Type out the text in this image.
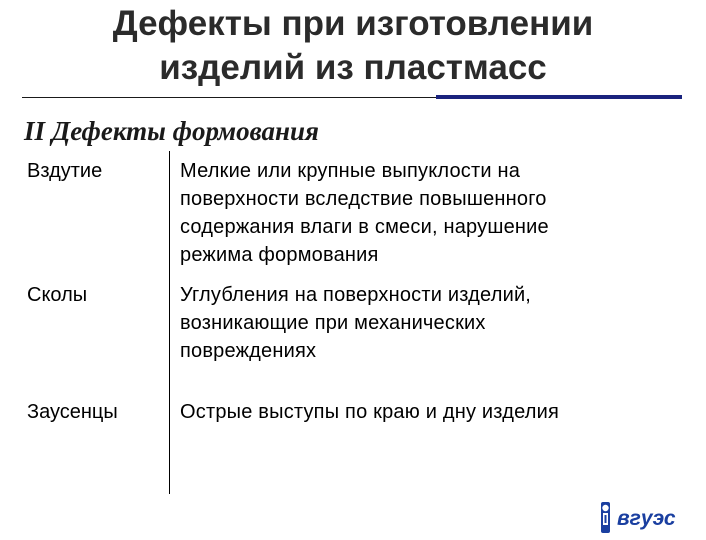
Дефекты при изготовлении
изделий из пластмасс
II Дефекты формования
Вздутие	Мелкие или крупные выпуклости на
поверхности вследствие повышенного
содержания влаги в смеси, нарушение
режима формования
Сколы	Углубления на поверхности изделий,
возникающие при механических
повреждениях
Заусенцы	Острые выступы по краю и дну изделия
вгуэс
